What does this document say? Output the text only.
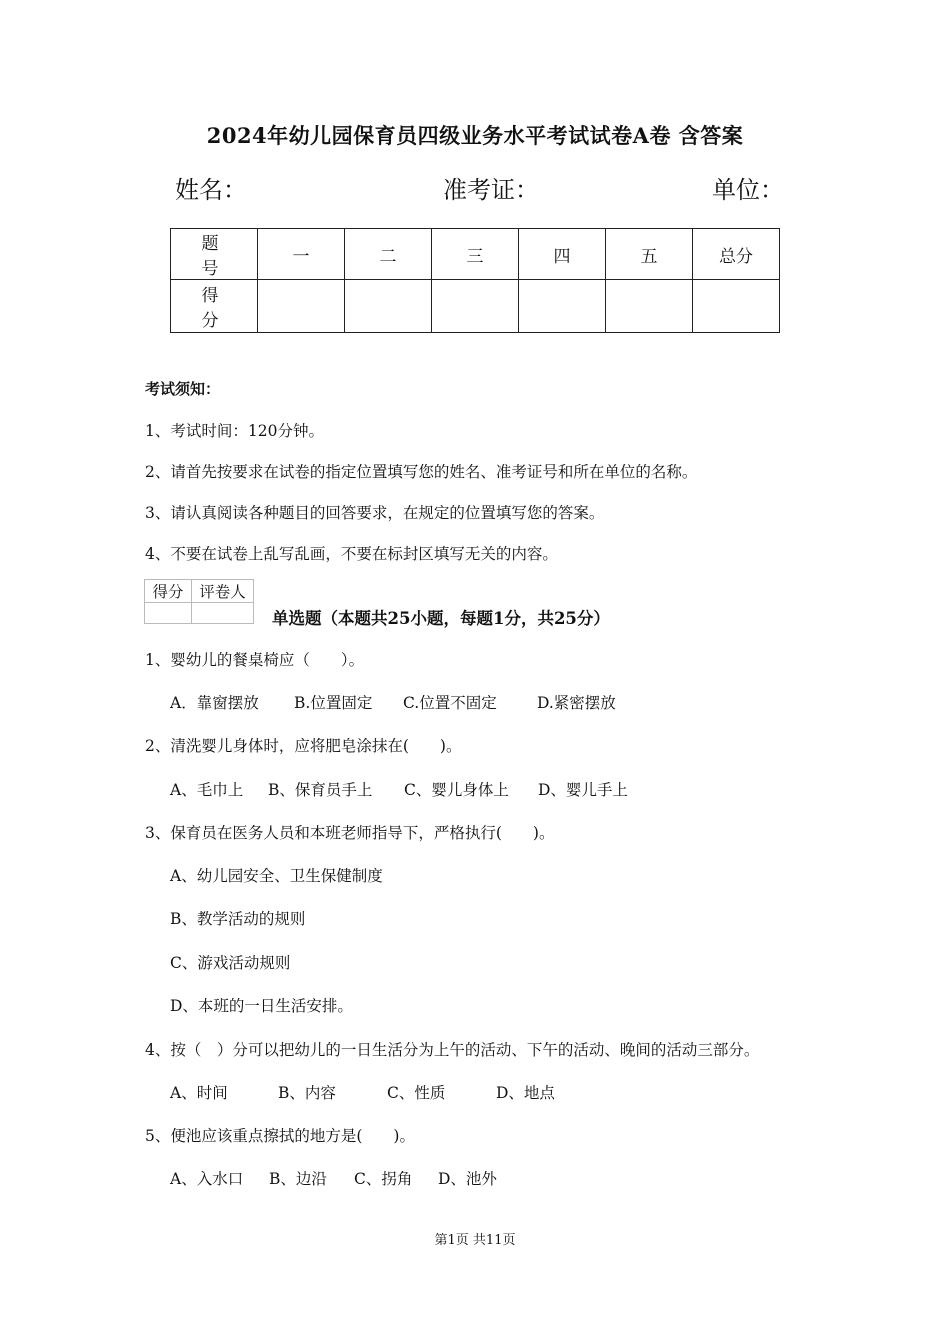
2024年幼儿园保育员四级业务水平考试试卷A卷 含答案
姓名：	准考证：	单位：
题　号	一	二	三	四	五	总分
得　分						
考试须知：
1、考试时间：120分钟。
2、请首先按要求在试卷的指定位置填写您的姓名、准考证号和所在单位的名称。
3、请认真阅读各种题目的回答要求，在规定的位置填写您的答案。
4、不要在试卷上乱写乱画，不要在标封区填写无关的内容。
得分	评卷人

单选题（本题共25小题，每题1分，共25分）
1、婴幼儿的餐桌椅应（　　）。
A．靠窗摆放 B.位置固定 C.位置不固定	D.紧密摆放
2、清洗婴儿身体时，应将肥皂涂抹在(　　)。
A、毛巾上 B、保育员手上 C、婴儿身体上 D、婴儿手上
3、保育员在医务人员和本班老师指导下，严格执行(　　)。
A、幼儿园安全、卫生保健制度
B、教学活动的规则
C、游戏活动规则
D、本班的一日生活安排。
4、按（　）分可以把幼儿的一日生活分为上午的活动、下午的活动、晚间的活动三部分。
A、时间	B、内容	C、性质	D、地点
5、便池应该重点擦拭的地方是(　　)。
A、入水口 B、边沿 C、拐角 D、池外
第1页 共11页
